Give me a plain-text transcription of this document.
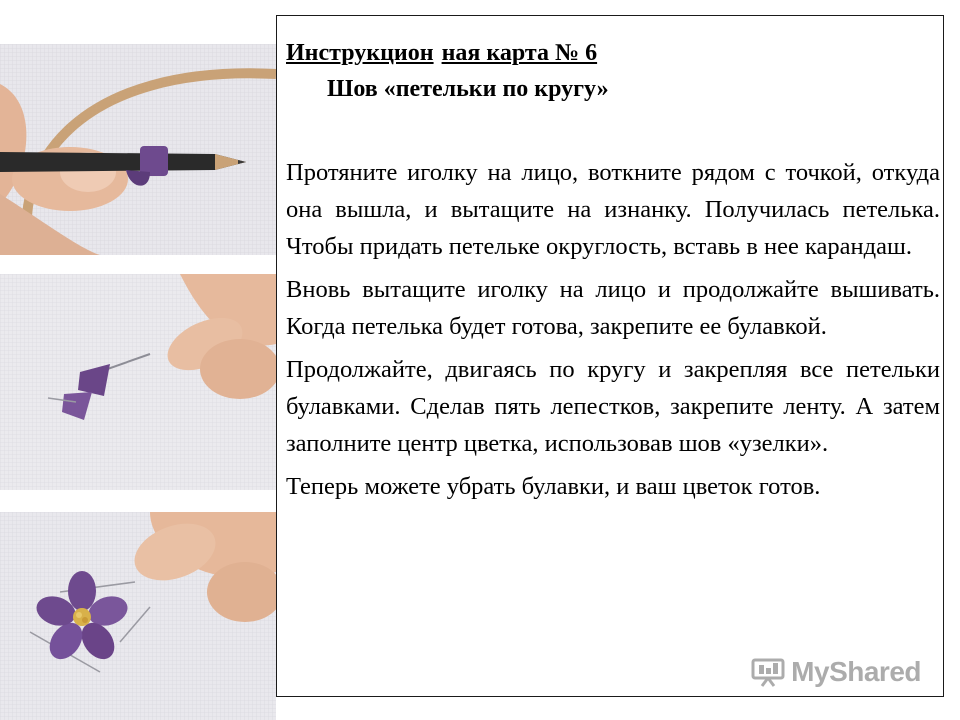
Инструкцион ная карта № 6
Шов «петельки по кругу»

Протяните иголку на лицо, воткните рядом с точкой, откуда она вышла, и вытащите на изнанку. Получилась петелька. Чтобы придать петельке округлость, вставь в нее карандаш.

Вновь вытащите иголку на лицо и продолжайте вышивать. Когда петелька будет готова, закрепите ее булавкой.

Продолжайте, двигаясь по кругу и закрепляя все петельки булавками. Сделав пять лепестков, закрепите ленту. А затем заполните центр цветка, использовав шов «узелки».

Теперь можете убрать булавки, и ваш цветок готов.

MyShared
